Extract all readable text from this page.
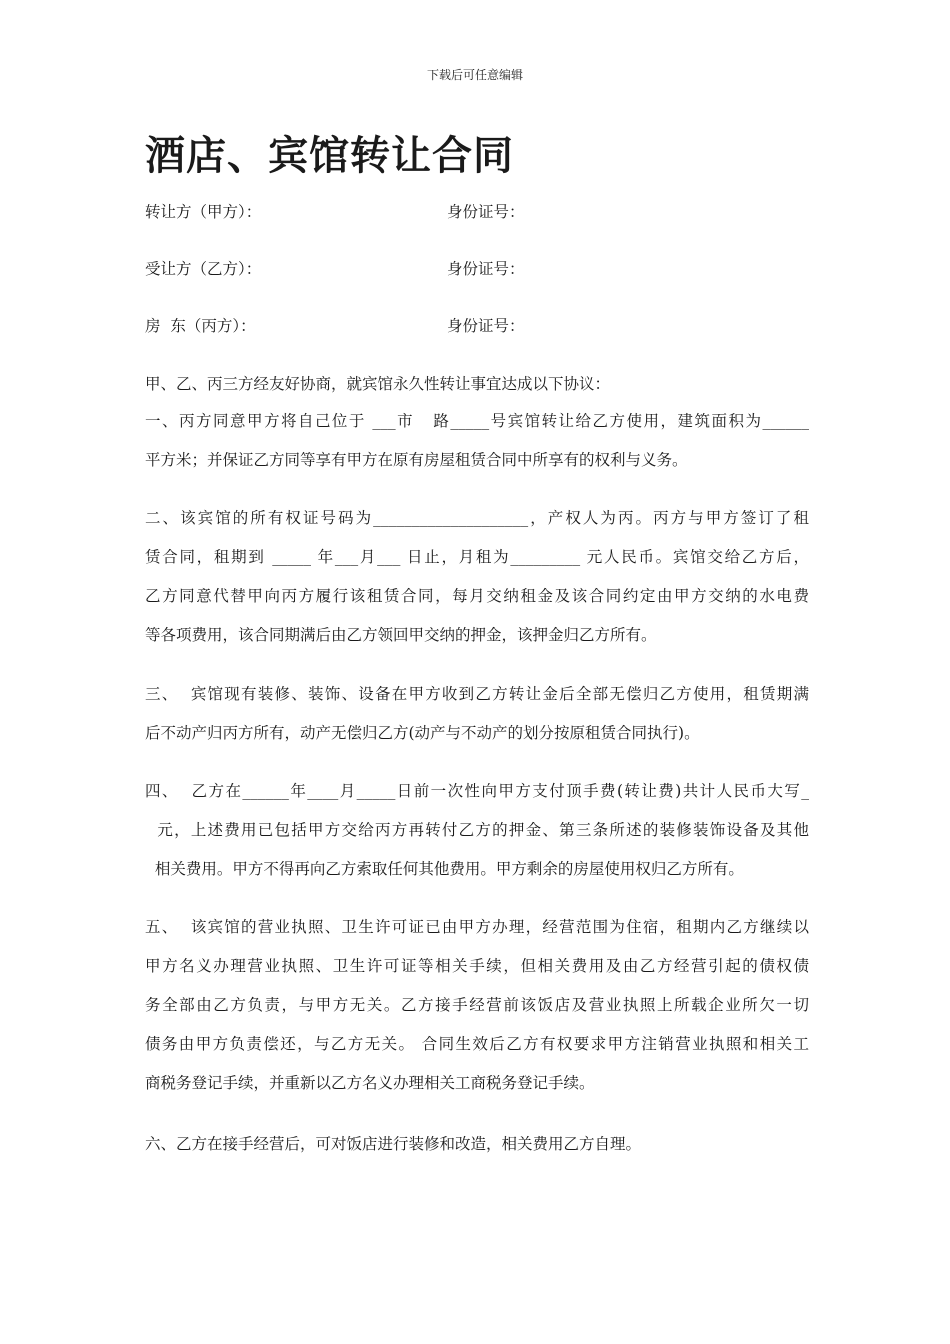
下载后可任意编辑
酒店、宾馆转让合同
转让方（甲方）：	身份证号：
受让方（乙方）：	身份证号：
房  东（丙方）：	身份证号：
甲、乙、丙三方经友好协商，就宾馆永久性转让事宜达成以下协议：
一、丙方同意甲方将自己位于 ___市   路_____号宾馆转让给乙方使用，建筑面积为______
平方米；并保证乙方同等享有甲方在原有房屋租赁合同中所享有的权利与义务。
二、该宾馆的所有权证号码为____________________，产权人为丙。丙方与甲方签订了租
赁合同，租期到 _____ 年___月___ 日止，月租为_________ 元人民币。宾馆交给乙方后，
乙方同意代替甲向丙方履行该租赁合同，每月交纳租金及该合同约定由甲方交纳的水电费
等各项费用，该合同期满后由乙方领回甲交纳的押金，该押金归乙方所有。
三、  宾馆现有装修、装饰、设备在甲方收到乙方转让金后全部无偿归乙方使用，租赁期满
后不动产归丙方所有，动产无偿归乙方(动产与不动产的划分按原租赁合同执行)。
四、  乙方在______年____月_____日前一次性向甲方支付顶手费(转让费)共计人民币大写_
元，上述费用已包括甲方交给丙方再转付乙方的押金、第三条所述的装修装饰设备及其他
相关费用。甲方不得再向乙方索取任何其他费用。甲方剩余的房屋使用权归乙方所有。
五、  该宾馆的营业执照、卫生许可证已由甲方办理，经营范围为住宿，租期内乙方继续以
甲方名义办理营业执照、卫生许可证等相关手续，但相关费用及由乙方经营引起的债权债
务全部由乙方负责，与甲方无关。乙方接手经营前该饭店及营业执照上所载企业所欠一切
债务由甲方负责偿还，与乙方无关。 合同生效后乙方有权要求甲方注销营业执照和相关工
商税务登记手续，并重新以乙方名义办理相关工商税务登记手续。
六、乙方在接手经营后，可对饭店进行装修和改造，相关费用乙方自理。
